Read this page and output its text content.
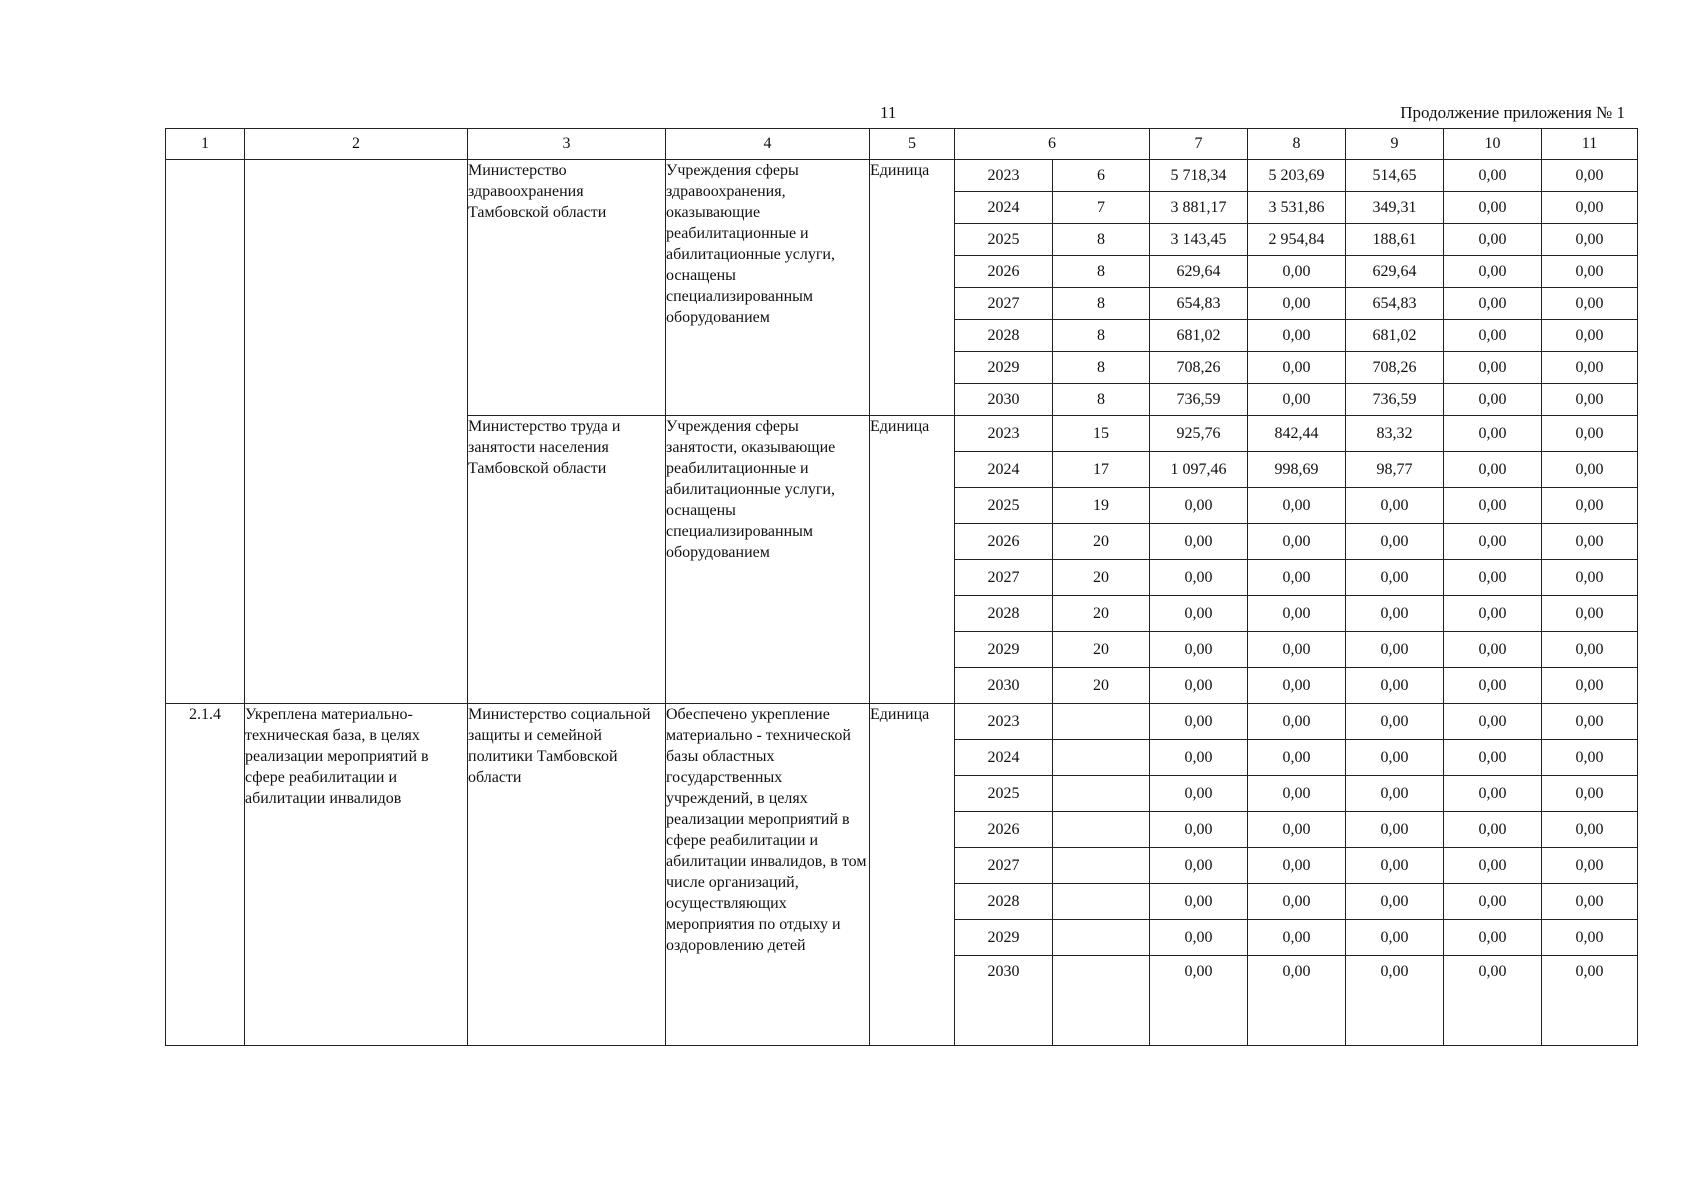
11	Продолжение приложения № 1
1	2	3	4	5	6		7	8	9	10	11
		Министерство здравоохранения Тамбовской области	Учреждения сферы здравоохранения, оказывающие реабилитационные и абилитационные услуги, оснащены специализированным оборудованием	Единица	2023	6	5 718,34	5 203,69	514,65	0,00	0,00
					2024	7	3 881,17	3 531,86	349,31	0,00	0,00
					2025	8	3 143,45	2 954,84	188,61	0,00	0,00
					2026	8	629,64	0,00	629,64	0,00	0,00
					2027	8	654,83	0,00	654,83	0,00	0,00
					2028	8	681,02	0,00	681,02	0,00	0,00
					2029	8	708,26	0,00	708,26	0,00	0,00
					2030	8	736,59	0,00	736,59	0,00	0,00
		Министерство труда и занятости населения Тамбовской области	Учреждения сферы занятости, оказывающие реабилитационные и абилитационные услуги, оснащены специализированным оборудованием	Единица	2023	15	925,76	842,44	83,32	0,00	0,00
					2024	17	1 097,46	998,69	98,77	0,00	0,00
					2025	19	0,00	0,00	0,00	0,00	0,00
					2026	20	0,00	0,00	0,00	0,00	0,00
					2027	20	0,00	0,00	0,00	0,00	0,00
					2028	20	0,00	0,00	0,00	0,00	0,00
					2029	20	0,00	0,00	0,00	0,00	0,00
					2030	20	0,00	0,00	0,00	0,00	0,00
2.1.4	Укреплена материально-техническая база, в целях реализации мероприятий в сфере реабилитации и абилитации инвалидов	Министерство социальной защиты и семейной политики Тамбовской области	Обеспечено укрепление материально - технической базы областных государственных учреждений, в целях реализации мероприятий в сфере реабилитации и абилитации инвалидов, в том числе организаций, осуществляющих мероприятия по отдыху и оздоровлению детей	Единица	2023		0,00	0,00	0,00	0,00	0,00
					2024		0,00	0,00	0,00	0,00	0,00
					2025		0,00	0,00	0,00	0,00	0,00
					2026		0,00	0,00	0,00	0,00	0,00
					2027		0,00	0,00	0,00	0,00	0,00
					2028		0,00	0,00	0,00	0,00	0,00
					2029		0,00	0,00	0,00	0,00	0,00
					2030		0,00	0,00	0,00	0,00	0,00
